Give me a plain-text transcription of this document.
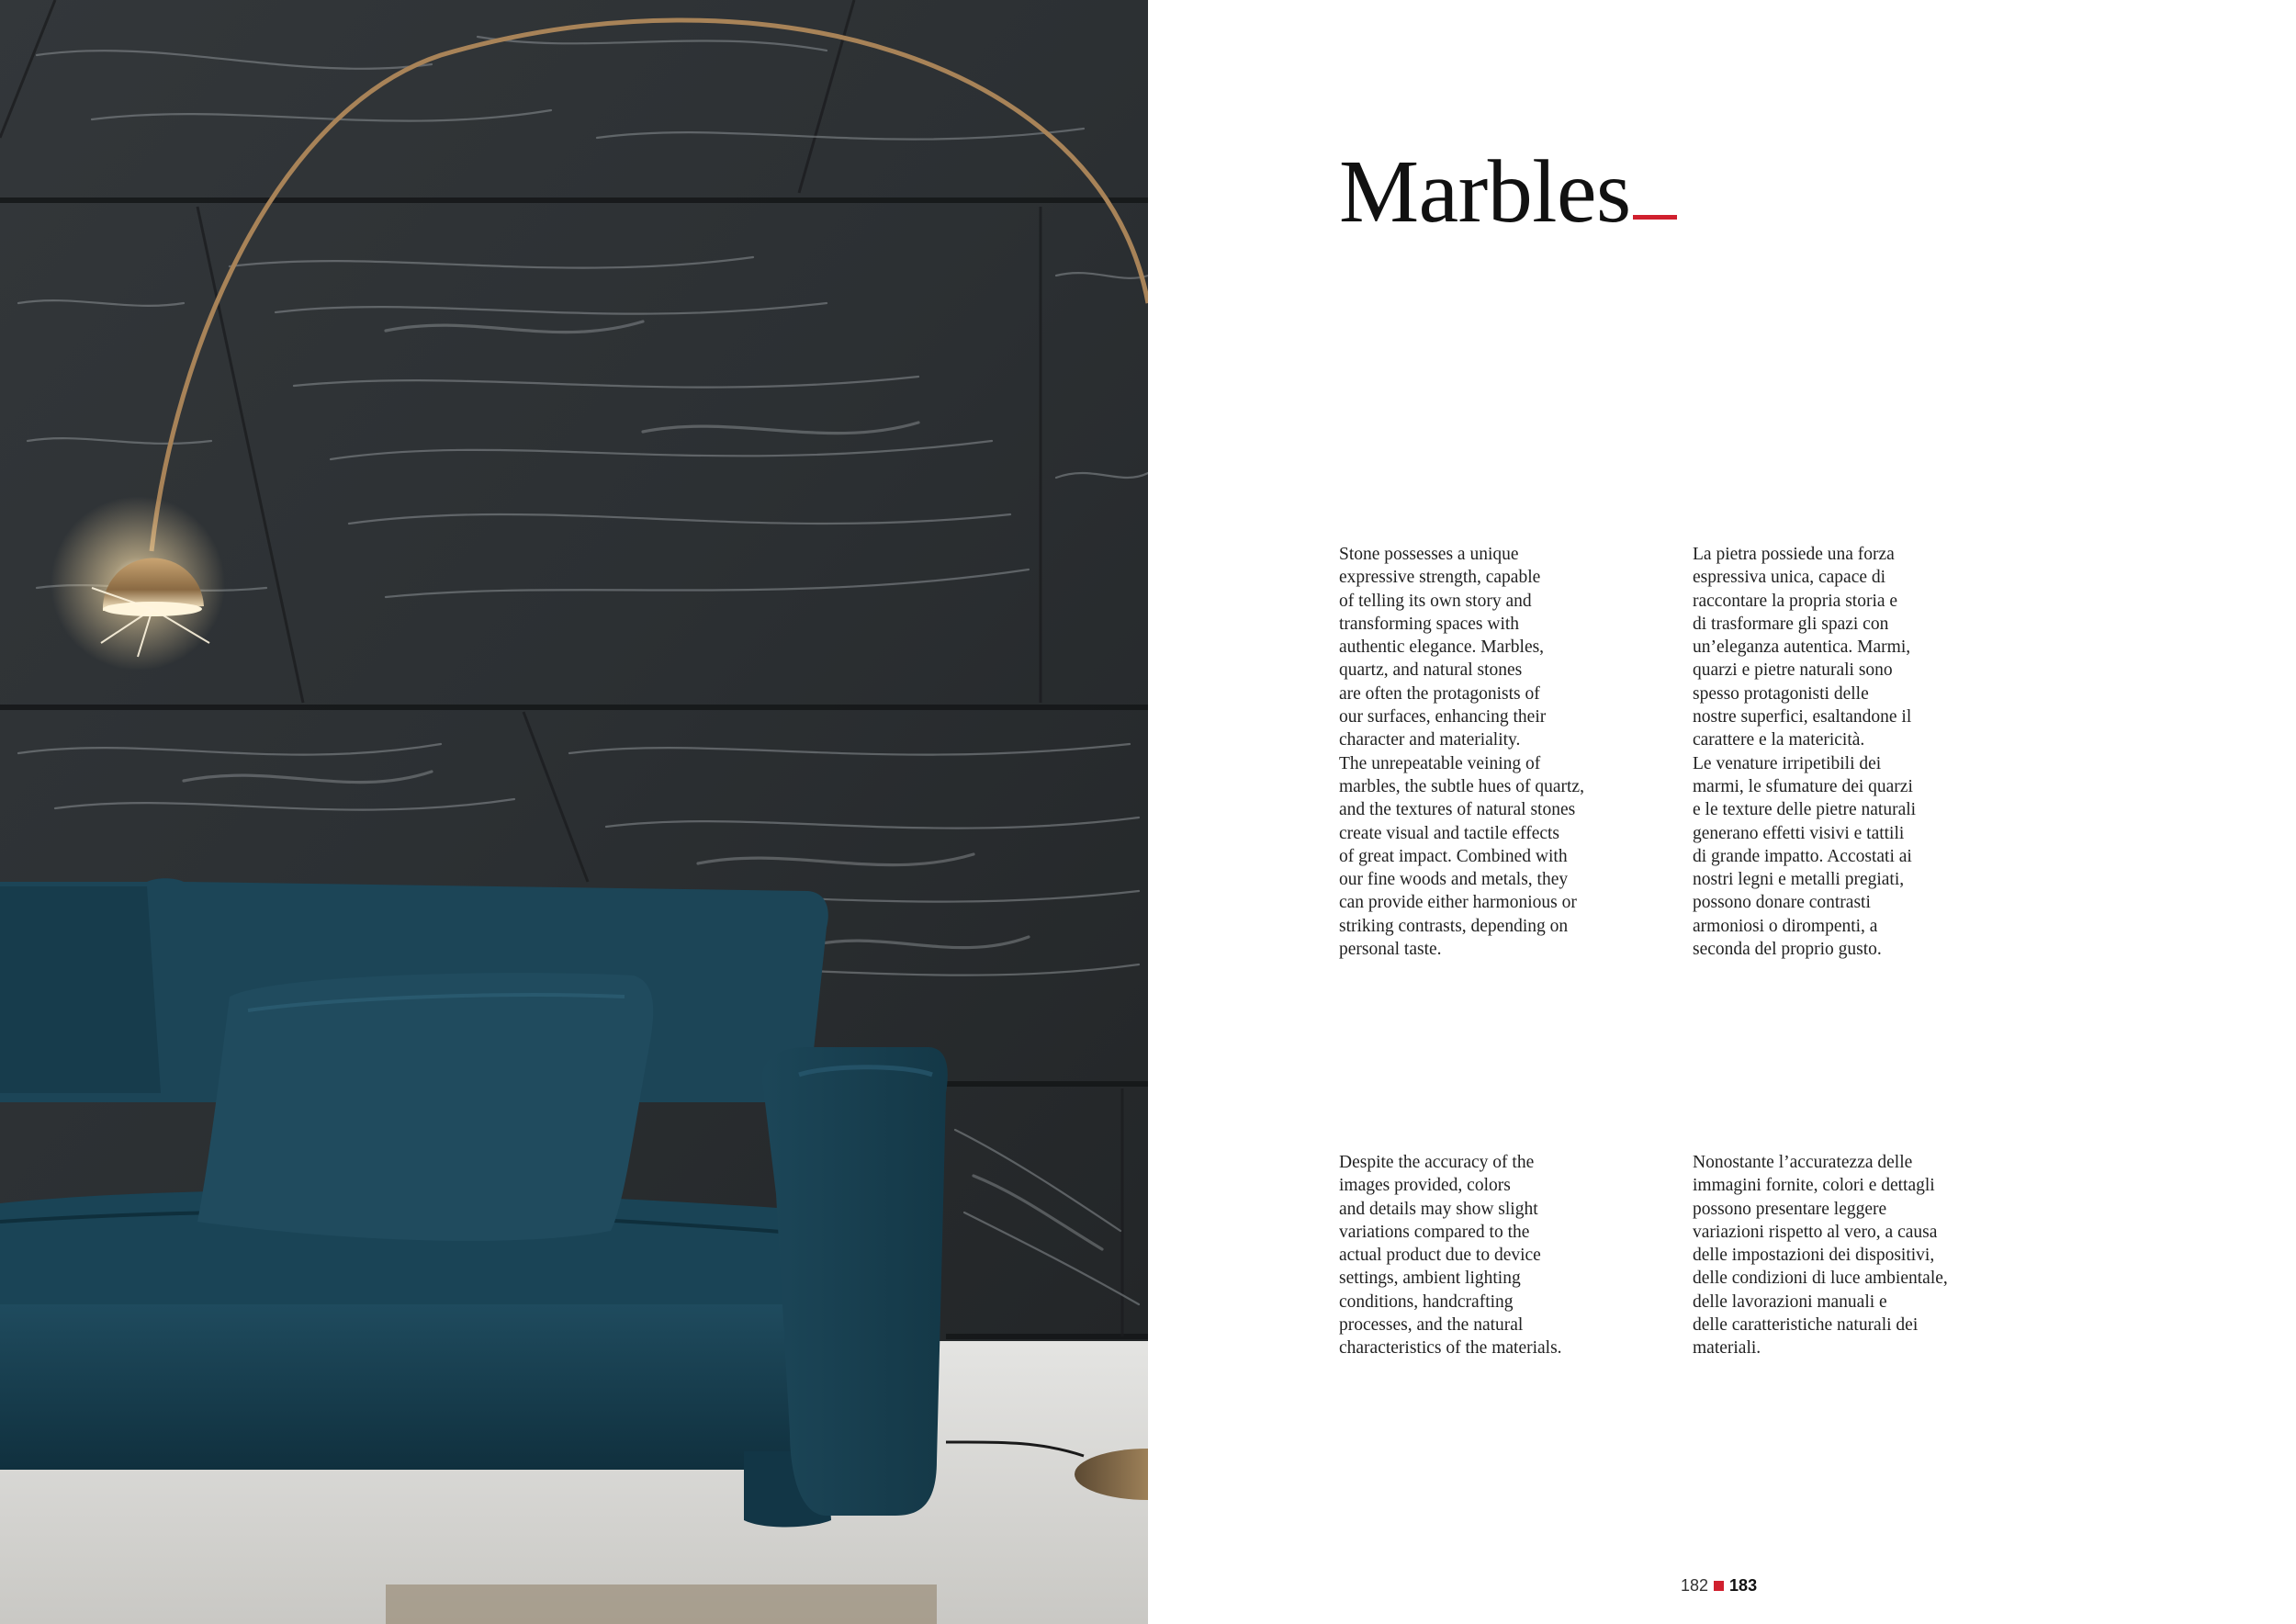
Marbles
Stone possesses a unique
expressive strength, capable
of telling its own story and
transforming spaces with
authentic elegance. Marbles,
quartz, and natural stones
are often the protagonists of
our surfaces, enhancing their
character and materiality.
The unrepeatable veining of
marbles, the subtle hues of quartz,
and the textures of natural stones
create visual and tactile effects
of great impact. Combined with
our fine woods and metals, they
can provide either harmonious or
striking contrasts, depending on
personal taste.
La pietra possiede una forza
espressiva unica, capace di
raccontare la propria storia e
di trasformare gli spazi con
un’eleganza autentica. Marmi,
quarzi e pietre naturali sono
spesso protagonisti delle
nostre superfici, esaltandone il
carattere e la matericità.
Le venature irripetibili dei
marmi, le sfumature dei quarzi
e le texture delle pietre naturali
generano effetti visivi e tattili
di grande impatto. Accostati ai
nostri legni e metalli pregiati,
possono donare contrasti
armoniosi o dirompenti, a
seconda del proprio gusto.
Despite the accuracy of the
images provided, colors
and details may show slight
variations compared to the
actual product due to device
settings, ambient lighting
conditions, handcrafting
processes, and the natural
characteristics of the materials.
Nonostante l’accuratezza delle
immagini fornite, colori e dettagli
possono presentare leggere
variazioni rispetto al vero, a causa
delle impostazioni dei dispositivi,
delle condizioni di luce ambientale,
delle lavorazioni manuali e
delle caratteristiche naturali dei
materiali.
182 183
